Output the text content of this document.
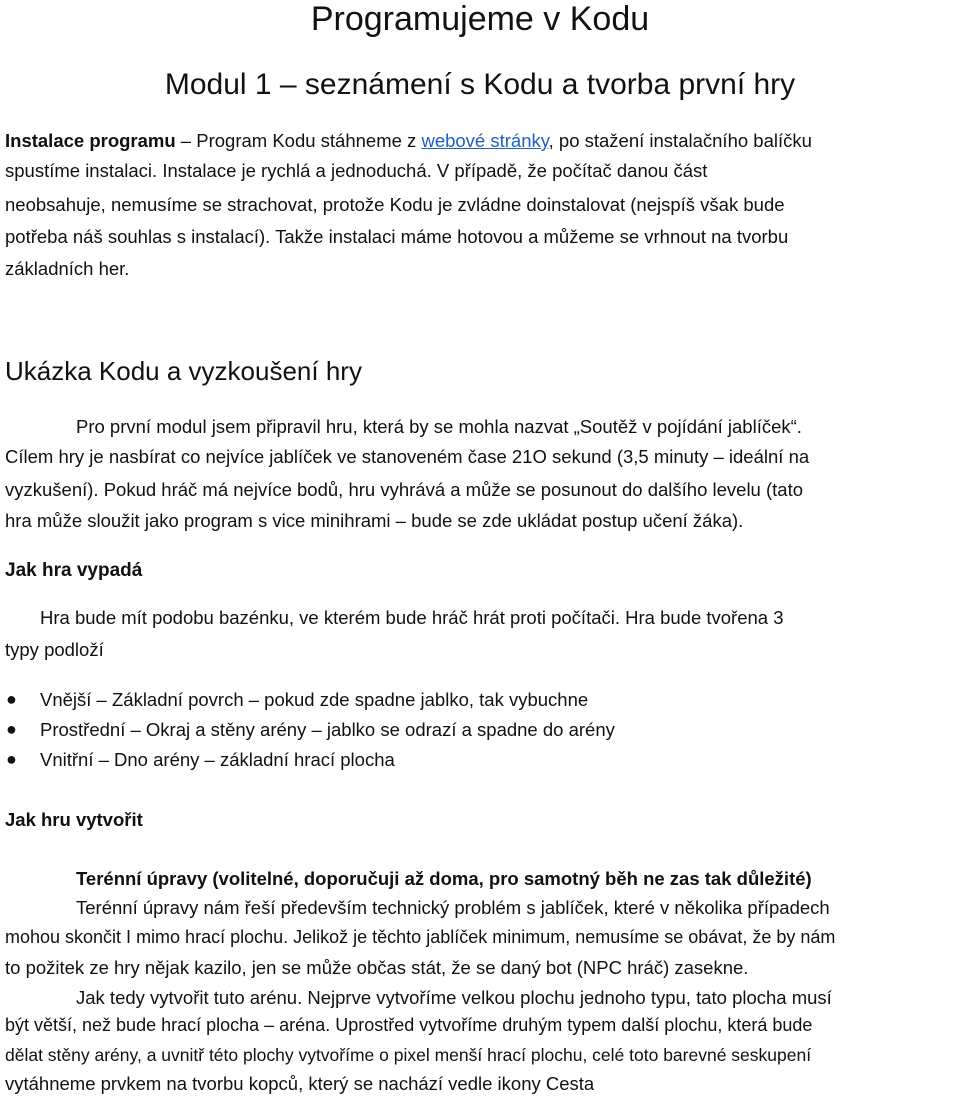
Programujeme v Kodu
Modul 1 – seznámení s Kodu a tvorba první hry
Instalace programu – Program Kodu stáhneme z webové stránky, po stažení instalačního balíčku
spustíme instalaci. Instalace je rychlá a jednoduchá. V případě, že počítač danou část
neobsahuje, nemusíme se strachovat, protože Kodu je zvládne doinstalovat (nejspíš však bude
potřeba náš souhlas s instalací). Takže instalaci máme hotovou a můžeme se vrhnout na tvorbu
základních her.
Ukázka Kodu a vyzkoušení hry
Pro první modul jsem připravil hru, která by se mohla nazvat „Soutěž v pojídání jablíček“.
Cílem hry je nasbírat co nejvíce jablíček ve stanoveném čase 21O sekund (3,5 minuty – ideální na
vyzkušení). Pokud hráč má nejvíce bodů, hru vyhrává a může se posunout do dalšího levelu (tato
hra může sloužit jako program s vice minihrami – bude se zde ukládat postup učení žáka).
Jak hra vypadá
Hra bude mít podobu bazénku, ve kterém bude hráč hrát proti počítači. Hra bude tvořena 3
typy podloží
● Vnější – Základní povrch – pokud zde spadne jablko, tak vybuchne
● Prostřední – Okraj a stěny arény – jablko se odrazí a spadne do arény
● Vnitřní – Dno arény – základní hrací plocha
Jak hru vytvořit
Terénní úpravy (volitelné, doporučuji až doma, pro samotný běh ne zas tak důležité)
Terénní úpravy nám řeší především technický problém s jablíček, které v několika případech
mohou skončit I mimo hrací plochu. Jelikož je těchto jablíček minimum, nemusíme se obávat, že by nám
to požitek ze hry nějak kazilo, jen se může občas stát, že se daný bot (NPC hráč) zasekne.
Jak tedy vytvořit tuto arénu. Nejprve vytvoříme velkou plochu jednoho typu, tato plocha musí
být větší, než bude hrací plocha – aréna. Uprostřed vytvoříme druhým typem další plochu, která bude
dělat stěny arény, a uvnitř této plochy vytvoříme o pixel menší hrací plochu, celé toto barevné seskupení
vytáhneme prvkem na tvorbu kopců, který se nachází vedle ikony Cesta
